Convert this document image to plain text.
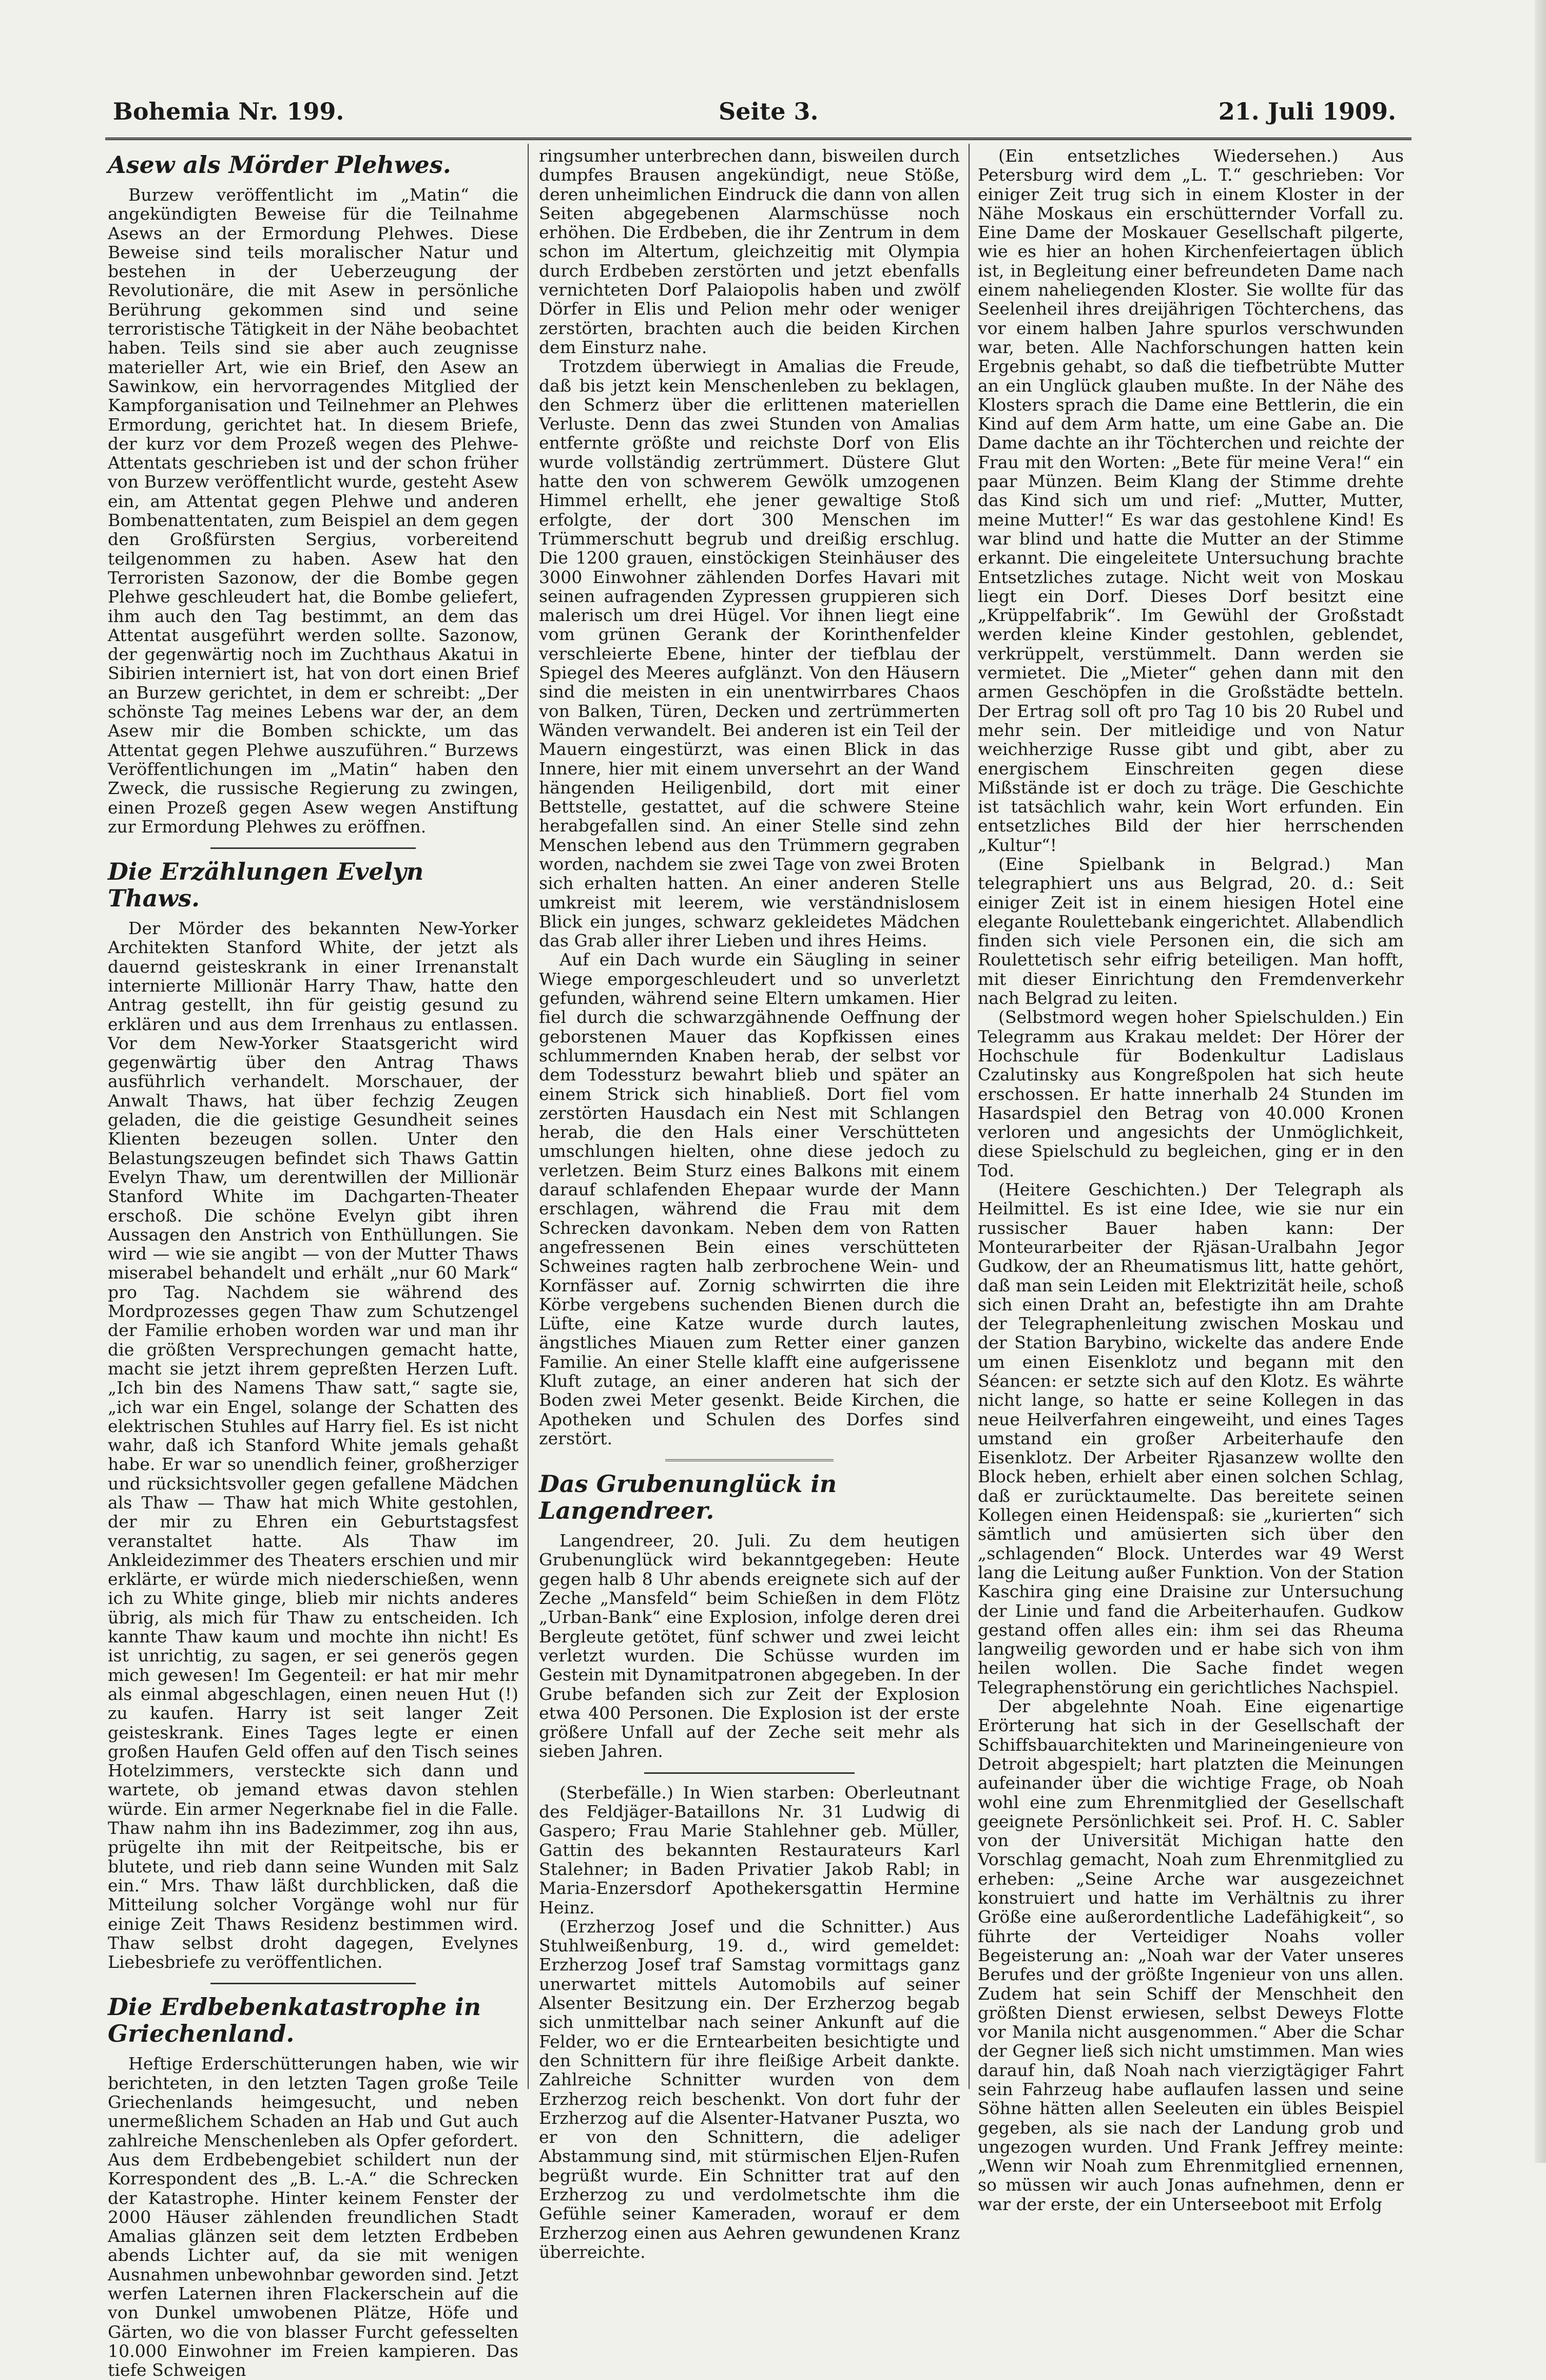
Bohemia Nr. 199.	Seite 3.	21. Juli 1909.
Asew als Mörder Plehwes.

Burzew veröffentlicht im „Matin“ die angekündigten Beweise für die Teilnahme Asews an der Ermordung Plehwes. Diese Beweise sind teils moralischer Natur und bestehen in der Ueberzeugung der Revolutionäre, die mit Asew in persönliche Berührung gekommen sind und seine terroristische Tätigkeit in der Nähe beobachtet haben. Teils sind sie aber auch zeugnisse materieller Art, wie ein Brief, den Asew an Sawinkow, ein hervorragendes Mitglied der Kampforganisation und Teilnehmer an Plehwes Ermordung, gerichtet hat. In diesem Briefe, der kurz vor dem Prozeß wegen des Plehwe-Attentats geschrieben ist und der schon früher von Burzew veröffentlicht wurde, gesteht Asew ein, am Attentat gegen Plehwe und anderen Bombenattentaten, zum Beispiel an dem gegen den Großfürsten Sergius, vorbereitend teilgenommen zu haben. Asew hat den Terroristen Sazonow, der die Bombe gegen Plehwe geschleudert hat, die Bombe geliefert, ihm auch den Tag bestimmt, an dem das Attentat ausgeführt werden sollte. Sazonow, der gegenwärtig noch im Zuchthaus Akatui in Sibirien interniert ist, hat von dort einen Brief an Burzew gerichtet, in dem er schreibt: „Der schönste Tag meines Lebens war der, an dem Asew mir die Bomben schickte, um das Attentat gegen Plehwe auszuführen.“ Burzews Veröffentlichungen im „Matin“ haben den Zweck, die russische Regierung zu zwingen, einen Prozeß gegen Asew wegen Anstiftung zur Ermordung Plehwes zu eröffnen.

Die Erzählungen Evelyn Thaws.

Der Mörder des bekannten New-Yorker Architekten Stanford White, der jetzt als dauernd geisteskrank in einer Irrenanstalt internierte Millionär Harry Thaw, hatte den Antrag gestellt, ihn für geistig gesund zu erklären und aus dem Irrenhaus zu entlassen. Vor dem New-Yorker Staatsgericht wird gegenwärtig über den Antrag Thaws ausführlich verhandelt. Morschauer, der Anwalt Thaws, hat über fechzig Zeugen geladen, die die geistige Gesundheit seines Klienten bezeugen sollen. Unter den Belastungszeugen befindet sich Thaws Gattin Evelyn Thaw, um derentwillen der Millionär Stanford White im Dachgarten-Theater erschoß. Die schöne Evelyn gibt ihren Aussagen den Anstrich von Enthüllungen. Sie wird — wie sie angibt — von der Mutter Thaws miserabel behandelt und erhält „nur 60 Mark“ pro Tag. Nachdem sie während des Mordprozesses gegen Thaw zum Schutzengel der Familie erhoben worden war und man ihr die größten Versprechungen gemacht hatte, macht sie jetzt ihrem gepreßten Herzen Luft. „Ich bin des Namens Thaw satt,“ sagte sie, „ich war ein Engel, solange der Schatten des elektrischen Stuhles auf Harry fiel. Es ist nicht wahr, daß ich Stanford White jemals gehaßt habe. Er war so unendlich feiner, großherziger und rücksichtsvoller gegen gefallene Mädchen als Thaw — Thaw hat mich White gestohlen, der mir zu Ehren ein Geburtstagsfest veranstaltet hatte. Als Thaw im Ankleidezimmer des Theaters erschien und mir erklärte, er würde mich niederschießen, wenn ich zu White ginge, blieb mir nichts anderes übrig, als mich für Thaw zu entscheiden. Ich kannte Thaw kaum und mochte ihn nicht! Es ist unrichtig, zu sagen, er sei generös gegen mich gewesen! Im Gegenteil: er hat mir mehr als einmal abgeschlagen, einen neuen Hut (!) zu kaufen. Harry ist seit langer Zeit geisteskrank. Eines Tages legte er einen großen Haufen Geld offen auf den Tisch seines Hotelzimmers, versteckte sich dann und wartete, ob jemand etwas davon stehlen würde. Ein armer Negerknabe fiel in die Falle. Thaw nahm ihn ins Badezimmer, zog ihn aus, prügelte ihn mit der Reitpeitsche, bis er blutete, und rieb dann seine Wunden mit Salz ein.“ Mrs. Thaw läßt durchblicken, daß die Mitteilung solcher Vorgänge wohl nur für einige Zeit Thaws Residenz bestimmen wird. Thaw selbst droht dagegen, Evelynes Liebesbriefe zu veröffentlichen.

Die Erdbebenkatastrophe in Griechenland.

Heftige Erderschütterungen haben, wie wir berichteten, in den letzten Tagen große Teile Griechenlands heimgesucht, und neben unermeßlichem Schaden an Hab und Gut auch zahlreiche Menschenleben als Opfer gefordert. Aus dem Erdbebengebiet schildert nun der Korrespondent des „B. L.-A.“ die Schrecken der Katastrophe. Hinter keinem Fenster der 2000 Häuser zählenden freundlichen Stadt Amalias glänzen seit dem letzten Erdbeben abends Lichter auf, da sie mit wenigen Ausnahmen unbewohnbar geworden sind. Jetzt werfen Laternen ihren Flackerschein auf die von Dunkel umwobenen Plätze, Höfe und Gärten, wo die von blasser Furcht gefesselten 10.000 Einwohner im Freien kampieren. Das tiefe Schweigen

ringsumher unterbrechen dann, bisweilen durch dumpfes Brausen angekündigt, neue Stöße, deren unheimlichen Eindruck die dann von allen Seiten abgegebenen Alarmschüsse noch erhöhen. Die Erdbeben, die ihr Zentrum in dem schon im Altertum, gleichzeitig mit Olympia durch Erdbeben zerstörten und jetzt ebenfalls vernichteten Dorf Palaiopolis haben und zwölf Dörfer in Elis und Pelion mehr oder weniger zerstörten, brachten auch die beiden Kirchen dem Einsturz nahe.

Trotzdem überwiegt in Amalias die Freude, daß bis jetzt kein Menschenleben zu beklagen, den Schmerz über die erlittenen materiellen Verluste. Denn das zwei Stunden von Amalias entfernte größte und reichste Dorf von Elis wurde vollständig zertrümmert. Düstere Glut hatte den von schwerem Gewölk umzogenen Himmel erhellt, ehe jener gewaltige Stoß erfolgte, der dort 300 Menschen im Trümmerschutt begrub und dreißig erschlug. Die 1200 grauen, einstöckigen Steinhäuser des 3000 Einwohner zählenden Dorfes Havari mit seinen aufragenden Zypressen gruppieren sich malerisch um drei Hügel. Vor ihnen liegt eine vom grünen Gerank der Korinthenfelder verschleierte Ebene, hinter der tiefblau der Spiegel des Meeres aufglänzt. Von den Häusern sind die meisten in ein unentwirrbares Chaos von Balken, Türen, Decken und zertrümmerten Wänden verwandelt. Bei anderen ist ein Teil der Mauern eingestürzt, was einen Blick in das Innere, hier mit einem unversehrt an der Wand hängenden Heiligenbild, dort mit einer Bettstelle, gestattet, auf die schwere Steine herabgefallen sind. An einer Stelle sind zehn Menschen lebend aus den Trümmern gegraben worden, nachdem sie zwei Tage von zwei Broten sich erhalten hatten. An einer anderen Stelle umkreist mit leerem, wie verständnislosem Blick ein junges, schwarz gekleidetes Mädchen das Grab aller ihrer Lieben und ihres Heims.

Auf ein Dach wurde ein Säugling in seiner Wiege emporgeschleudert und so unverletzt gefunden, während seine Eltern umkamen. Hier fiel durch die schwarzgähnende Oeffnung der geborstenen Mauer das Kopfkissen eines schlummernden Knaben herab, der selbst vor dem Todessturz bewahrt blieb und später an einem Strick sich hinabließ. Dort fiel vom zerstörten Hausdach ein Nest mit Schlangen herab, die den Hals einer Verschütteten umschlungen hielten, ohne diese jedoch zu verletzen. Beim Sturz eines Balkons mit einem darauf schlafenden Ehepaar wurde der Mann erschlagen, während die Frau mit dem Schrecken davonkam. Neben dem von Ratten angefressenen Bein eines verschütteten Schweines ragten halb zerbrochene Wein- und Kornfässer auf. Zornig schwirrten die ihre Körbe vergebens suchenden Bienen durch die Lüfte, eine Katze wurde durch lautes, ängstliches Miauen zum Retter einer ganzen Familie. An einer Stelle klafft eine aufgerissene Kluft zutage, an einer anderen hat sich der Boden zwei Meter gesenkt. Beide Kirchen, die Apotheken und Schulen des Dorfes sind zerstört.

Das Grubenunglück in Langendreer.

Langendreer, 20. Juli. Zu dem heutigen Grubenunglück wird bekanntgegeben: Heute gegen halb 8 Uhr abends ereignete sich auf der Zeche „Mansfeld“ beim Schießen in dem Flötz „Urban-Bank“ eine Explosion, infolge deren drei Bergleute getötet, fünf schwer und zwei leicht verletzt wurden. Die Schüsse wurden im Gestein mit Dynamitpatronen abgegeben. In der Grube befanden sich zur Zeit der Explosion etwa 400 Personen. Die Explosion ist der erste größere Unfall auf der Zeche seit mehr als sieben Jahren.

(Sterbefälle.) In Wien starben: Oberleutnant des Feldjäger-Bataillons Nr. 31 Ludwig di Gaspero; Frau Marie Stahlehner geb. Müller, Gattin des bekannten Restaurateurs Karl Stalehner; in Baden Privatier Jakob Rabl; in Maria-Enzersdorf Apothekersgattin Hermine Heinz.

(Erzherzog Josef und die Schnitter.) Aus Stuhlweißenburg, 19. d., wird gemeldet: Erzherzog Josef traf Samstag vormittags ganz unerwartet mittels Automobils auf seiner Alsenter Besitzung ein. Der Erzherzog begab sich unmittelbar nach seiner Ankunft auf die Felder, wo er die Erntearbeiten besichtigte und den Schnittern für ihre fleißige Arbeit dankte. Zahlreiche Schnitter wurden von dem Erzherzog reich beschenkt. Von dort fuhr der Erzherzog auf die Alsenter-Hatvaner Puszta, wo er von den Schnittern, die adeliger Abstammung sind, mit stürmischen Eljen-Rufen begrüßt wurde. Ein Schnitter trat auf den Erzherzog zu und verdolmetschte ihm die Gefühle seiner Kameraden, worauf er dem Erzherzog einen aus Aehren gewundenen Kranz überreichte.

(Ein entsetzliches Wiedersehen.) Aus Petersburg wird dem „L. T.“ geschrieben: Vor einiger Zeit trug sich in einem Kloster in der Nähe Moskaus ein erschütternder Vorfall zu. Eine Dame der Moskauer Gesellschaft pilgerte, wie es hier an hohen Kirchenfeiertagen üblich ist, in Begleitung einer befreundeten Dame nach einem naheliegenden Kloster. Sie wollte für das Seelenheil ihres dreijährigen Töchterchens, das vor einem halben Jahre spurlos verschwunden war, beten. Alle Nachforschungen hatten kein Ergebnis gehabt, so daß die tiefbetrübte Mutter an ein Unglück glauben mußte. In der Nähe des Klosters sprach die Dame eine Bettlerin, die ein Kind auf dem Arm hatte, um eine Gabe an. Die Dame dachte an ihr Töchterchen und reichte der Frau mit den Worten: „Bete für meine Vera!“ ein paar Münzen. Beim Klang der Stimme drehte das Kind sich um und rief: „Mutter, Mutter, meine Mutter!“ Es war das gestohlene Kind! Es war blind und hatte die Mutter an der Stimme erkannt. Die eingeleitete Untersuchung brachte Entsetzliches zutage. Nicht weit von Moskau liegt ein Dorf. Dieses Dorf besitzt eine „Krüppelfabrik“. Im Gewühl der Großstadt werden kleine Kinder gestohlen, geblendet, verkrüppelt, verstümmelt. Dann werden sie vermietet. Die „Mieter“ gehen dann mit den armen Geschöpfen in die Großstädte betteln. Der Ertrag soll oft pro Tag 10 bis 20 Rubel und mehr sein. Der mitleidige und von Natur weichherzige Russe gibt und gibt, aber zu energischem Einschreiten gegen diese Mißstände ist er doch zu träge. Die Geschichte ist tatsächlich wahr, kein Wort erfunden. Ein entsetzliches Bild der hier herrschenden „Kultur“!

(Eine Spielbank in Belgrad.) Man telegraphiert uns aus Belgrad, 20. d.: Seit einiger Zeit ist in einem hiesigen Hotel eine elegante Roulettebank eingerichtet. Allabendlich finden sich viele Personen ein, die sich am Roulettetisch sehr eifrig beteiligen. Man hofft, mit dieser Einrichtung den Fremdenverkehr nach Belgrad zu leiten.

(Selbstmord wegen hoher Spielschulden.) Ein Telegramm aus Krakau meldet: Der Hörer der Hochschule für Bodenkultur Ladislaus Czalutinsky aus Kongreßpolen hat sich heute erschossen. Er hatte innerhalb 24 Stunden im Hasardspiel den Betrag von 40.000 Kronen verloren und angesichts der Unmöglichkeit, diese Spielschuld zu begleichen, ging er in den Tod.

(Heitere Geschichten.) Der Telegraph als Heilmittel. Es ist eine Idee, wie sie nur ein russischer Bauer haben kann: Der Monteurarbeiter der Rjäsan-Uralbahn Jegor Gudkow, der an Rheumatismus litt, hatte gehört, daß man sein Leiden mit Elektrizität heile, schoß sich einen Draht an, befestigte ihn am Drahte der Telegraphenleitung zwischen Moskau und der Station Barybino, wickelte das andere Ende um einen Eisenklotz und begann mit den Séancen: er setzte sich auf den Klotz. Es währte nicht lange, so hatte er seine Kollegen in das neue Heilverfahren eingeweiht, und eines Tages umstand ein großer Arbeiterhaufe den Eisenklotz. Der Arbeiter Rjasanzew wollte den Block heben, erhielt aber einen solchen Schlag, daß er zurücktaumelte. Das bereitete seinen Kollegen einen Heidenspaß: sie „kurierten“ sich sämtlich und amüsierten sich über den „schlagenden“ Block. Unterdes war 49 Werst lang die Leitung außer Funktion. Von der Station Kaschira ging eine Draisine zur Untersuchung der Linie und fand die Arbeiterhaufen. Gudkow gestand offen alles ein: ihm sei das Rheuma langweilig geworden und er habe sich von ihm heilen wollen. Die Sache findet wegen Telegraphenstörung ein gerichtliches Nachspiel.

Der abgelehnte Noah. Eine eigenartige Erörterung hat sich in der Gesellschaft der Schiffsbauarchitekten und Marineingenieure von Detroit abgespielt; hart platzten die Meinungen aufeinander über die wichtige Frage, ob Noah wohl eine zum Ehrenmitglied der Gesellschaft geeignete Persönlichkeit sei. Prof. H. C. Sabler von der Universität Michigan hatte den Vorschlag gemacht, Noah zum Ehrenmitglied zu erheben: „Seine Arche war ausgezeichnet konstruiert und hatte im Verhältnis zu ihrer Größe eine außerordentliche Ladefähigkeit“, so führte der Verteidiger Noahs voller Begeisterung an: „Noah war der Vater unseres Berufes und der größte Ingenieur von uns allen. Zudem hat sein Schiff der Menschheit den größten Dienst erwiesen, selbst Deweys Flotte vor Manila nicht ausgenommen.“ Aber die Schar der Gegner ließ sich nicht umstimmen. Man wies darauf hin, daß Noah nach vierzigtägiger Fahrt sein Fahrzeug habe auflaufen lassen und seine Söhne hätten allen Seeleuten ein übles Beispiel gegeben, als sie nach der Landung grob und ungezogen wurden. Und Frank Jeffrey meinte: „Wenn wir Noah zum Ehrenmitglied ernennen, so müssen wir auch Jonas aufnehmen, denn er war der erste, der ein Unterseeboot mit Erfolg
